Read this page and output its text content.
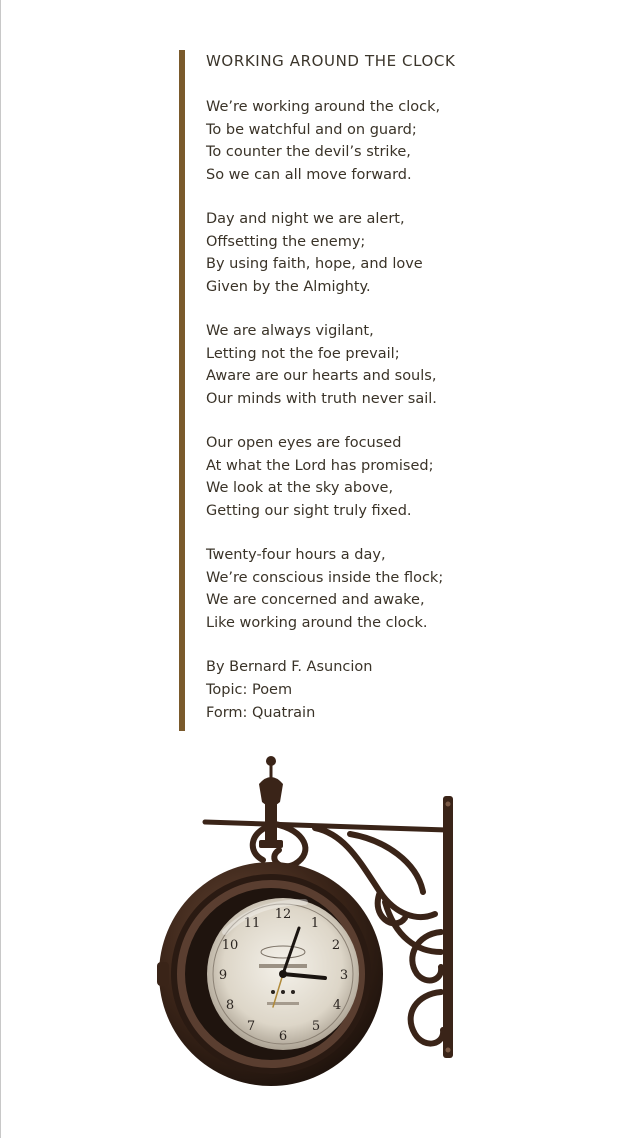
WORKING AROUND THE CLOCK
We’re working around the clock,
To be watchful and on guard;
To counter the devil’s strike,
So we can all move forward.
Day and night we are alert,
Offsetting the enemy;
By using faith, hope, and love
Given by the Almighty.
We are always vigilant,
Letting not the foe prevail;
Aware are our hearts and souls,
Our minds with truth never sail.
Our open eyes are focused
At what the Lord has promised;
We look at the sky above,
Getting our sight truly fixed.
Twenty-four hours a day,
We’re conscious inside the flock;
We are concerned and awake,
Like working around the clock.
By Bernard F. Asuncion
Topic: Poem
Form: Quatrain
12
1
2
3
4
5
6
7
8
9
10
11
